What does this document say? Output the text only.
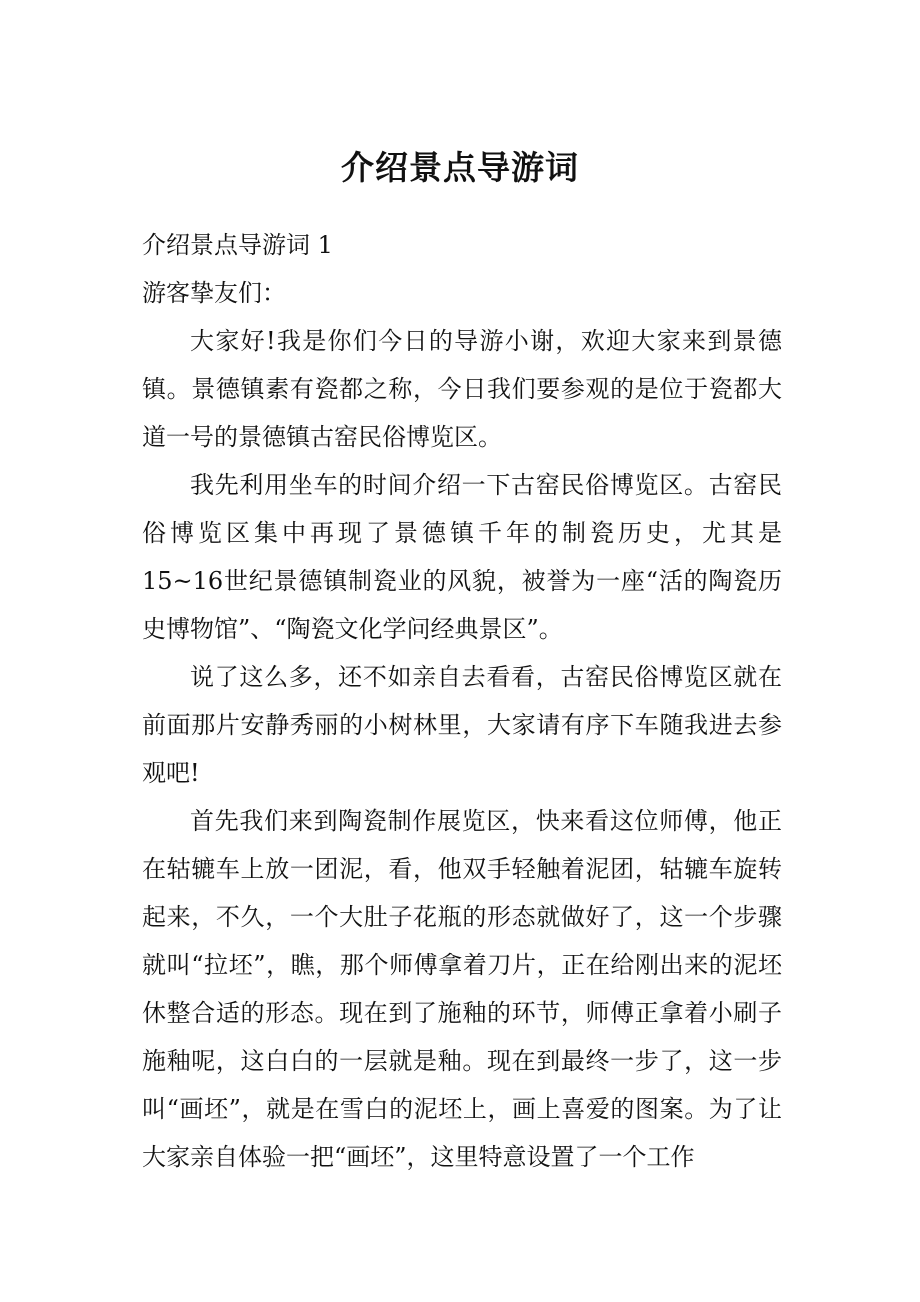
介绍景点导游词

介绍景点导游词 1

游客挚友们：

大家好!我是你们今日的导游小谢，欢迎大家来到景德镇。景德镇素有瓷都之称，今日我们要参观的是位于瓷都大道一号的景德镇古窑民俗博览区。

我先利用坐车的时间介绍一下古窑民俗博览区。古窑民俗博览区集中再现了景德镇千年的制瓷历史，尤其是 15~16世纪景德镇制瓷业的风貌，被誉为一座“活的陶瓷历史博物馆”、“陶瓷文化学问经典景区”。

说了这么多，还不如亲自去看看，古窑民俗博览区就在前面那片安静秀丽的小树林里，大家请有序下车随我进去参观吧!

首先我们来到陶瓷制作展览区，快来看这位师傅，他正在轱辘车上放一团泥，看，他双手轻触着泥团，轱辘车旋转起来，不久，一个大肚子花瓶的形态就做好了，这一个步骤就叫“拉坯”，瞧，那个师傅拿着刀片，正在给刚出来的泥坯休整合适的形态。现在到了施釉的环节，师傅正拿着小刷子施釉呢，这白白的一层就是釉。现在到最终一步了，这一步叫“画坯”，就是在雪白的泥坯上，画上喜爱的图案。为了让大家亲自体验一把“画坯”，这里特意设置了一个工作
